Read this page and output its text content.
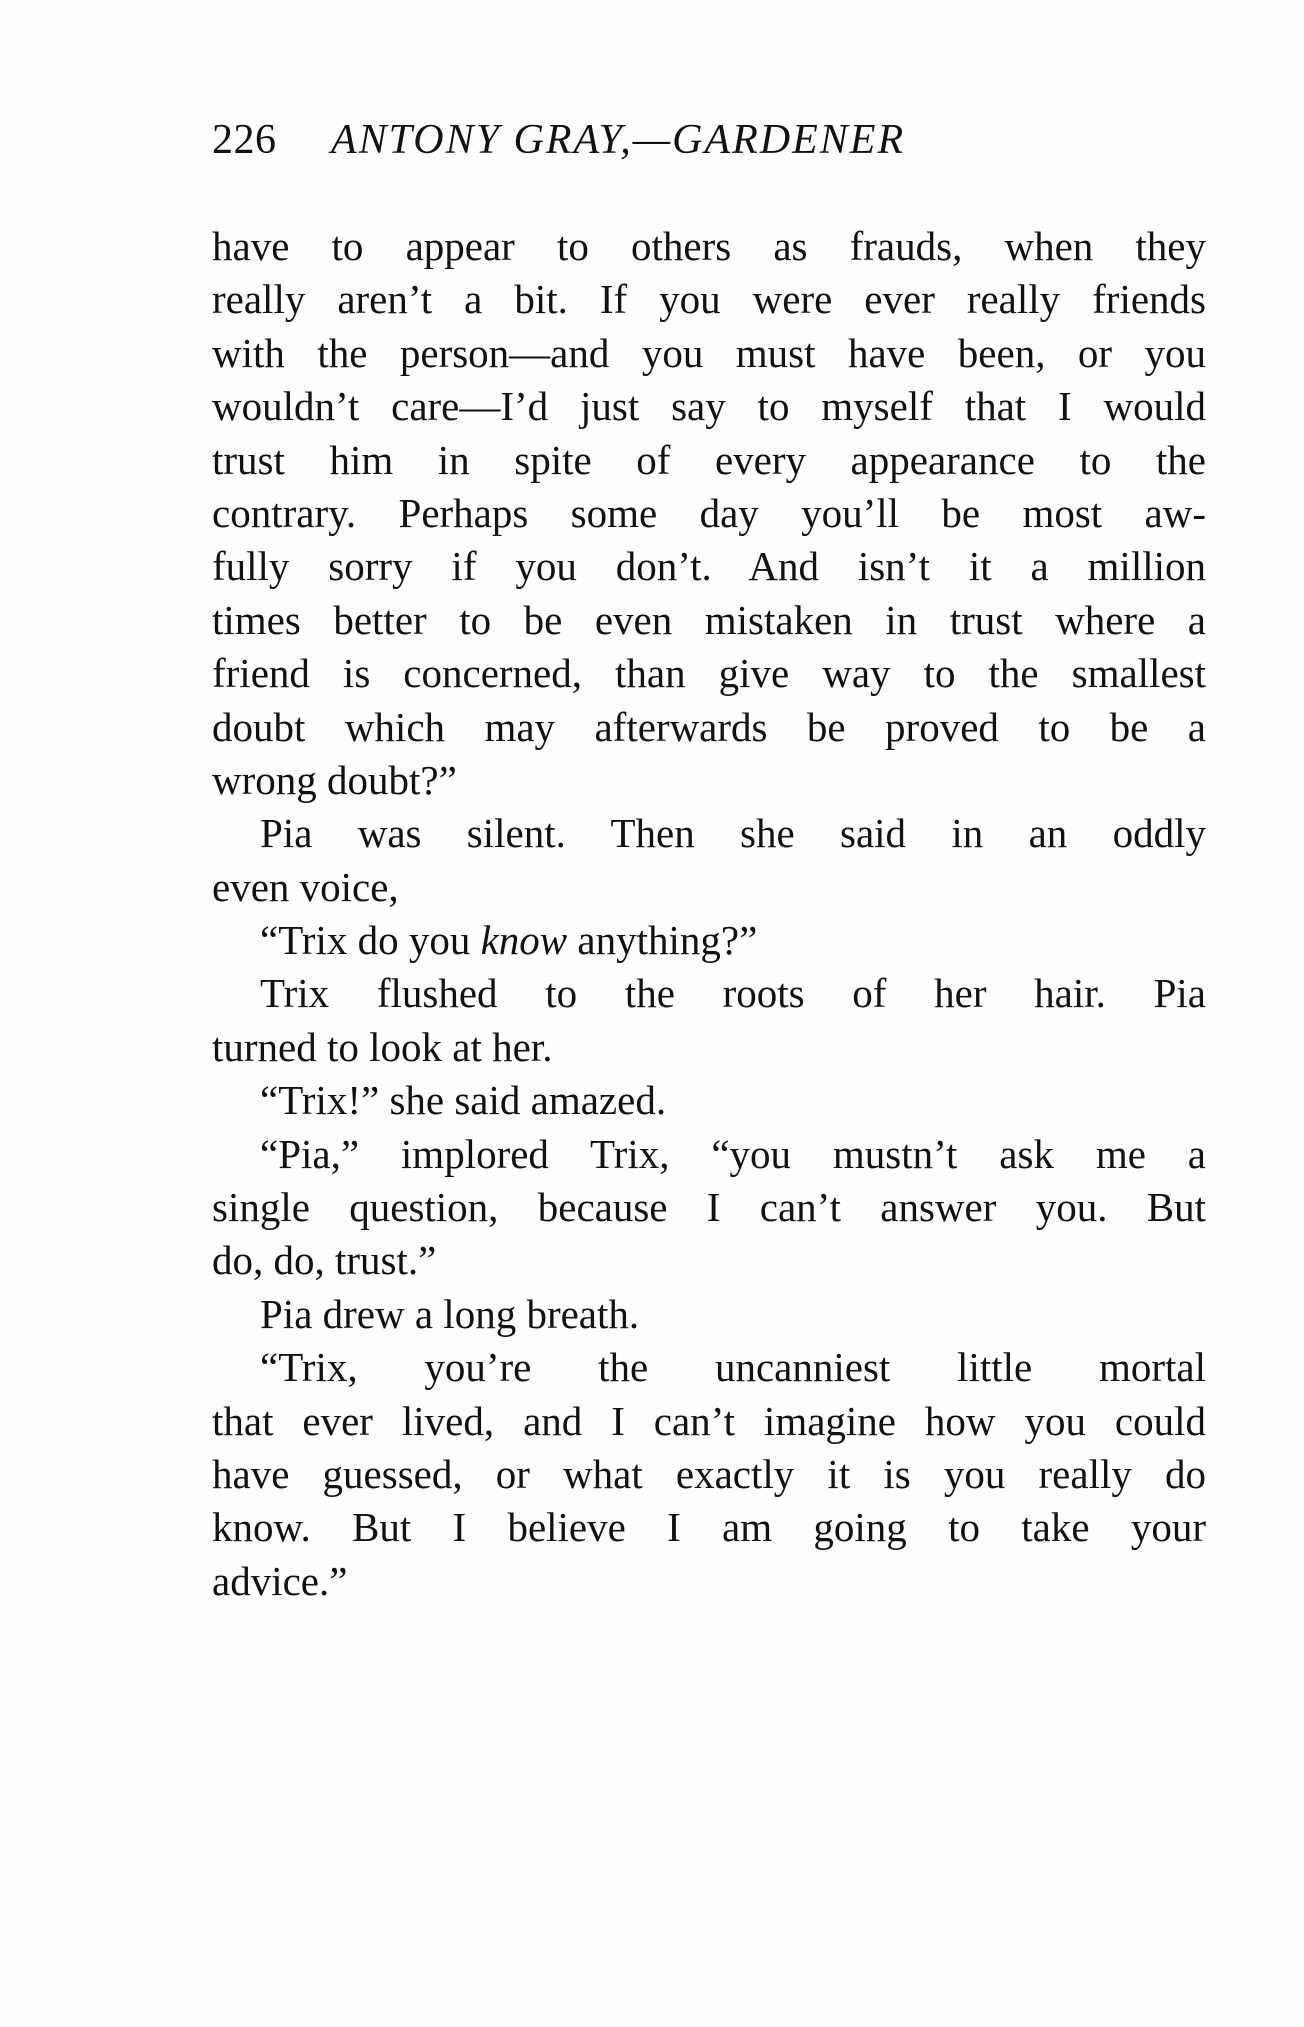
226 ANTONY GRAY,—GARDENER
have to appear to others as frauds, when they
really aren’t a bit. If you were ever really friends
with the person—and you must have been, or you
wouldn’t care—I’d just say to myself that I would
trust him in spite of every appearance to the
contrary. Perhaps some day you’ll be most aw-
fully sorry if you don’t. And isn’t it a million
times better to be even mistaken in trust where a
friend is concerned, than give way to the smallest
doubt which may afterwards be proved to be a
wrong doubt?”
Pia was silent. Then she said in an oddly
even voice,
“Trix do you know anything?”
Trix flushed to the roots of her hair. Pia
turned to look at her.
“Trix!” she said amazed.
“Pia,” implored Trix, “you mustn’t ask me a
single question, because I can’t answer you. But
do, do, trust.”
Pia drew a long breath.
“Trix, you’re the uncanniest little mortal
that ever lived, and I can’t imagine how you could
have guessed, or what exactly it is you really do
know. But I believe I am going to take your
advice.”
